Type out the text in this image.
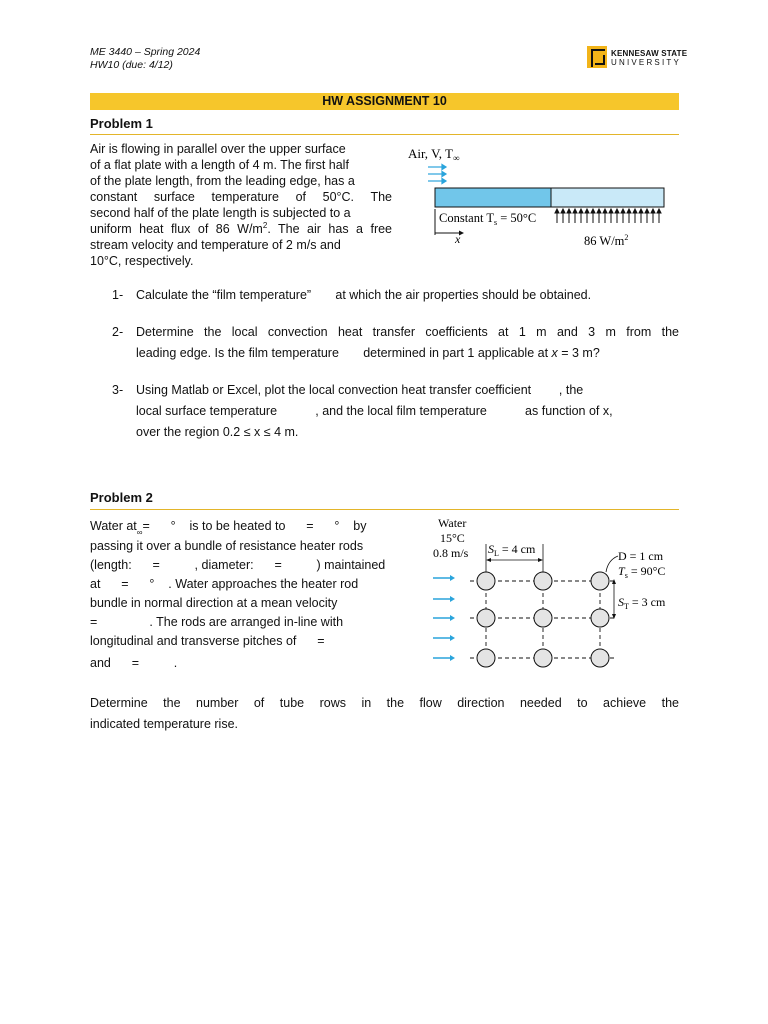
ME 3440 – Spring 2024
HW10 (due: 4/12)
KENNESAW STATE
UNIVERSITY
HW ASSIGNMENT 10
Problem 1
Air is flowing in parallel over the upper surface
of a flat plate with a length of 4 m. The first half
of the plate length, from the leading edge, has a
constant surface temperature of 50°C. The
second half of the plate length is subjected to a
uniform heat flux of 86 $W/m^2$. The air has a free
stream velocity and temperature of 2 m/s and
10°C, respectively.
Air, V, $T_\infty$
Constant $T_s = 50^\circ C$
x	86 $W/m^2$
1-	Calculate the “film temperature”       at which the air properties should be obtained.
2-	Determine the local convection heat transfer coefficients at 1 m and 3 m from the
leading edge. Is the film temperature       determined in part 1 applicable at x = 3 m?
3-	Using Matlab or Excel, plot the local convection heat transfer coefficient        , the
local surface temperature           , and the local film temperature           as function of x,
over the region 0.2 ≤ x ≤ 4 m.
Problem 2
Water $at_\infty=$      °    is to be heated to      =      °    by
passing it over a bundle of resistance heater rods
(length:      =          , diameter:      =          ) maintained
at      =      °    . Water approaches the heater rod
bundle in normal direction at a mean velocity
=               . The rods are arranged in-line with
longitudinal and transverse pitches of      =
and      =          .
Water
15°C
0.8 m/s $S_L = 4$ cm	D = 1 cm
$T_s = 90^\circ C$
$S_T = 3$ cm
Determine the number of tube rows in the flow direction needed to achieve the
indicated temperature rise.
